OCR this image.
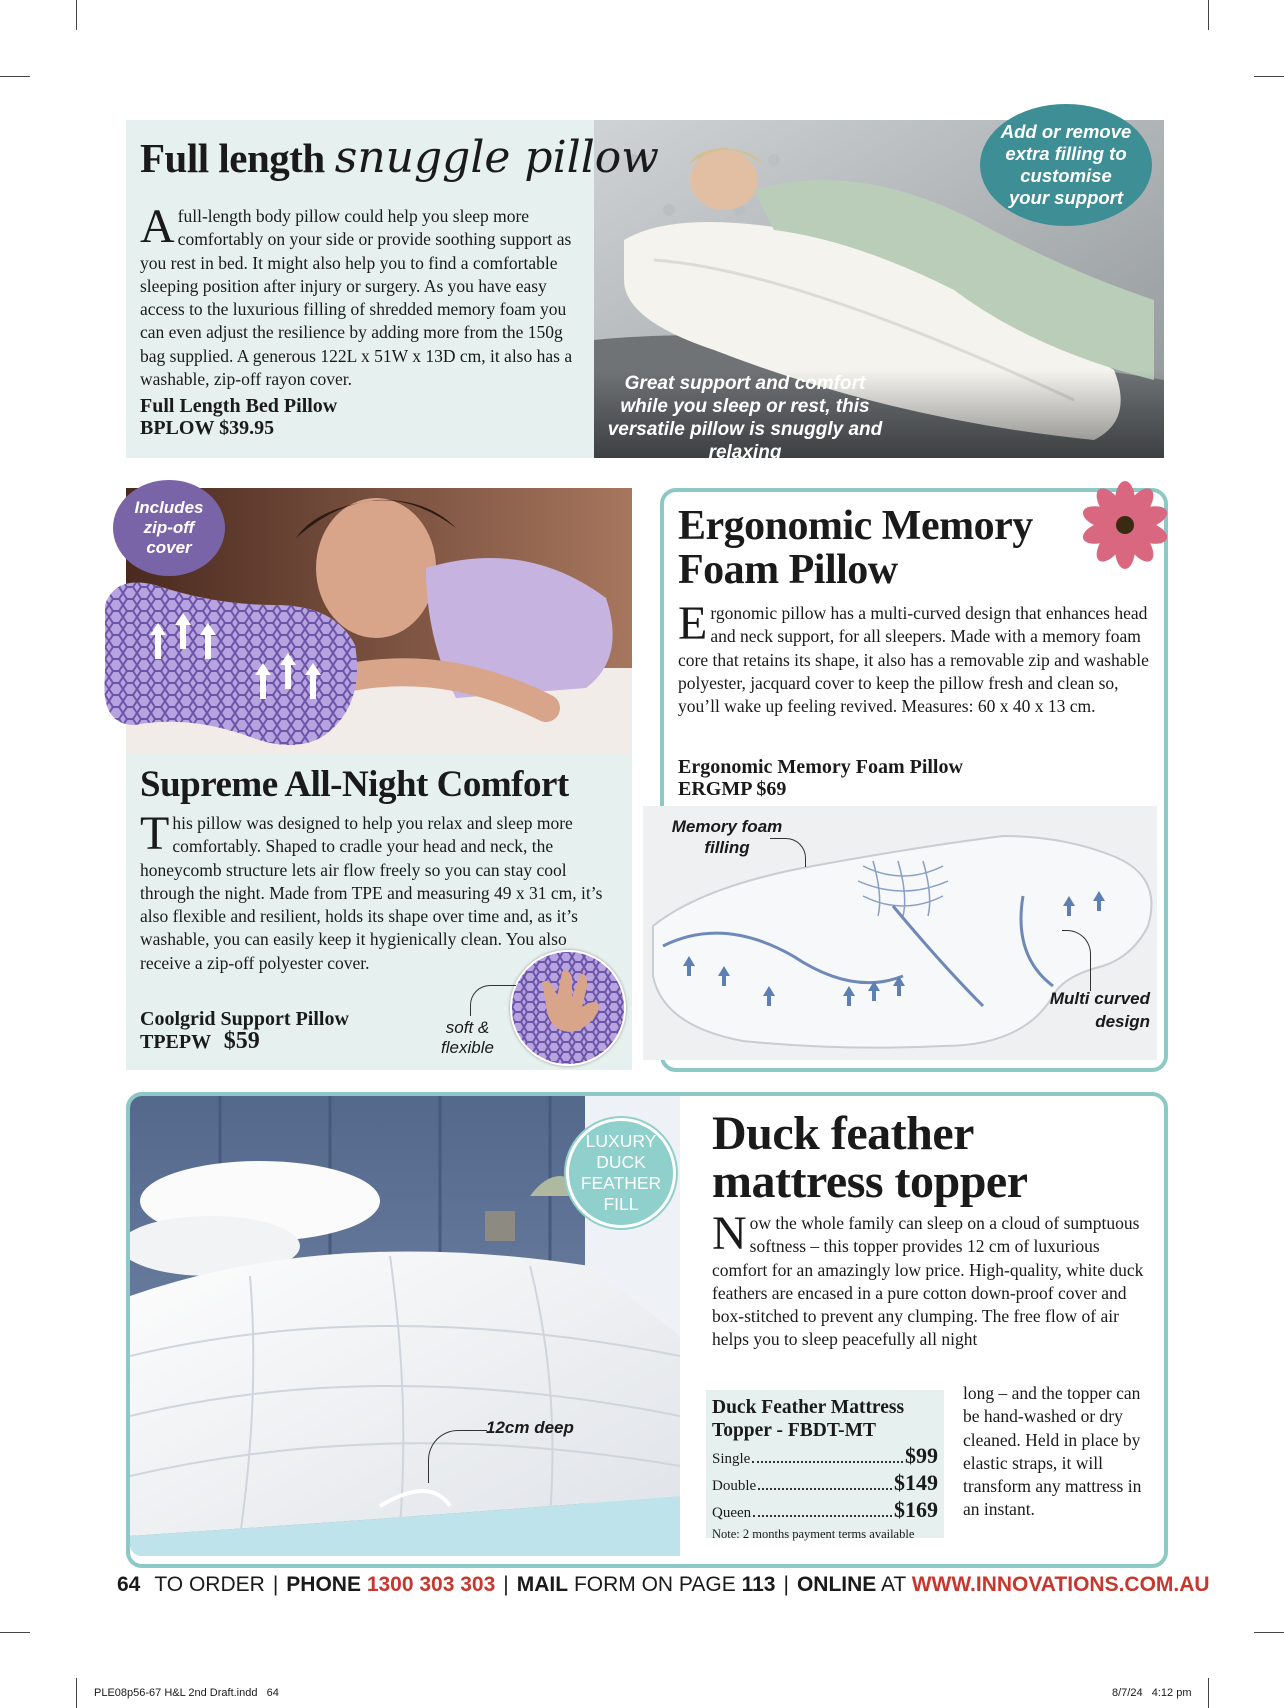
Full length snuggle pillow
Afull-length body pillow could help you sleep more comfortably on your side or provide soothing support as you rest in bed. It might also help you to find a comfortable sleeping position after injury or surgery. As you have easy access to the luxurious filling of shredded memory foam you can even adjust the resilience by adding more from the 150g bag supplied. A generous 122L x 51W x 13D cm, it also has a washable, zip-off rayon cover.
Full Length Bed Pillow
BPLOW $39.95
Great support and comfort while you sleep or rest, this versatile pillow is snuggly and relaxing
Add or remove extra filling to customise your support
Includes zip-off cover
Supreme All-Night Comfort
This pillow was designed to help you relax and sleep more comfortably. Shaped to cradle your head and neck, the honeycomb structure lets air flow freely so you can stay cool through the night. Made from TPE and measuring 49 x 31 cm, it’s also flexible and resilient, holds its shape over time and, as it’s washable, you can easily keep it hygienically clean. You also receive a zip-off polyester cover.
Coolgrid Support Pillow
TPEPW $59
soft & flexible
Ergonomic Memory Foam Pillow
Ergonomic pillow has a multi-curved design that enhances head and neck support, for all sleepers. Made with a memory foam core that retains its shape, it also has a removable zip and washable polyester, jacquard cover to keep the pillow fresh and clean so, you’ll wake up feeling revived. Measures: 60 x 40 x 13 cm.
Ergonomic Memory Foam Pillow
ERGMP $69
Memory foam filling
Multi curved design
LUXURY DUCK FEATHER FILL
12cm deep
Duck feather mattress topper
Now the whole family can sleep on a cloud of sumptuous softness – this topper provides 12 cm of luxurious comfort for an amazingly low price. High-quality, white duck feathers are encased in a pure cotton down-proof cover and box-stitched to prevent any clumping. The free flow of air helps you to sleep peacefully all night
long – and the topper can be hand-washed or dry cleaned. Held in place by elastic straps, it will transform any mattress in an instant.
Duck Feather Mattress Topper - FBDT-MT
Single	$99
Double	$149
Queen	$169
Note: 2 months payment terms available
64 TO ORDER | PHONE 1300 303 303 | MAIL FORM ON PAGE 113 | ONLINE AT WWW.INNOVATIONS.COM.AU
PLE08p56-67 H&L 2nd Draft.indd   64	8/7/24   4:12 pm
